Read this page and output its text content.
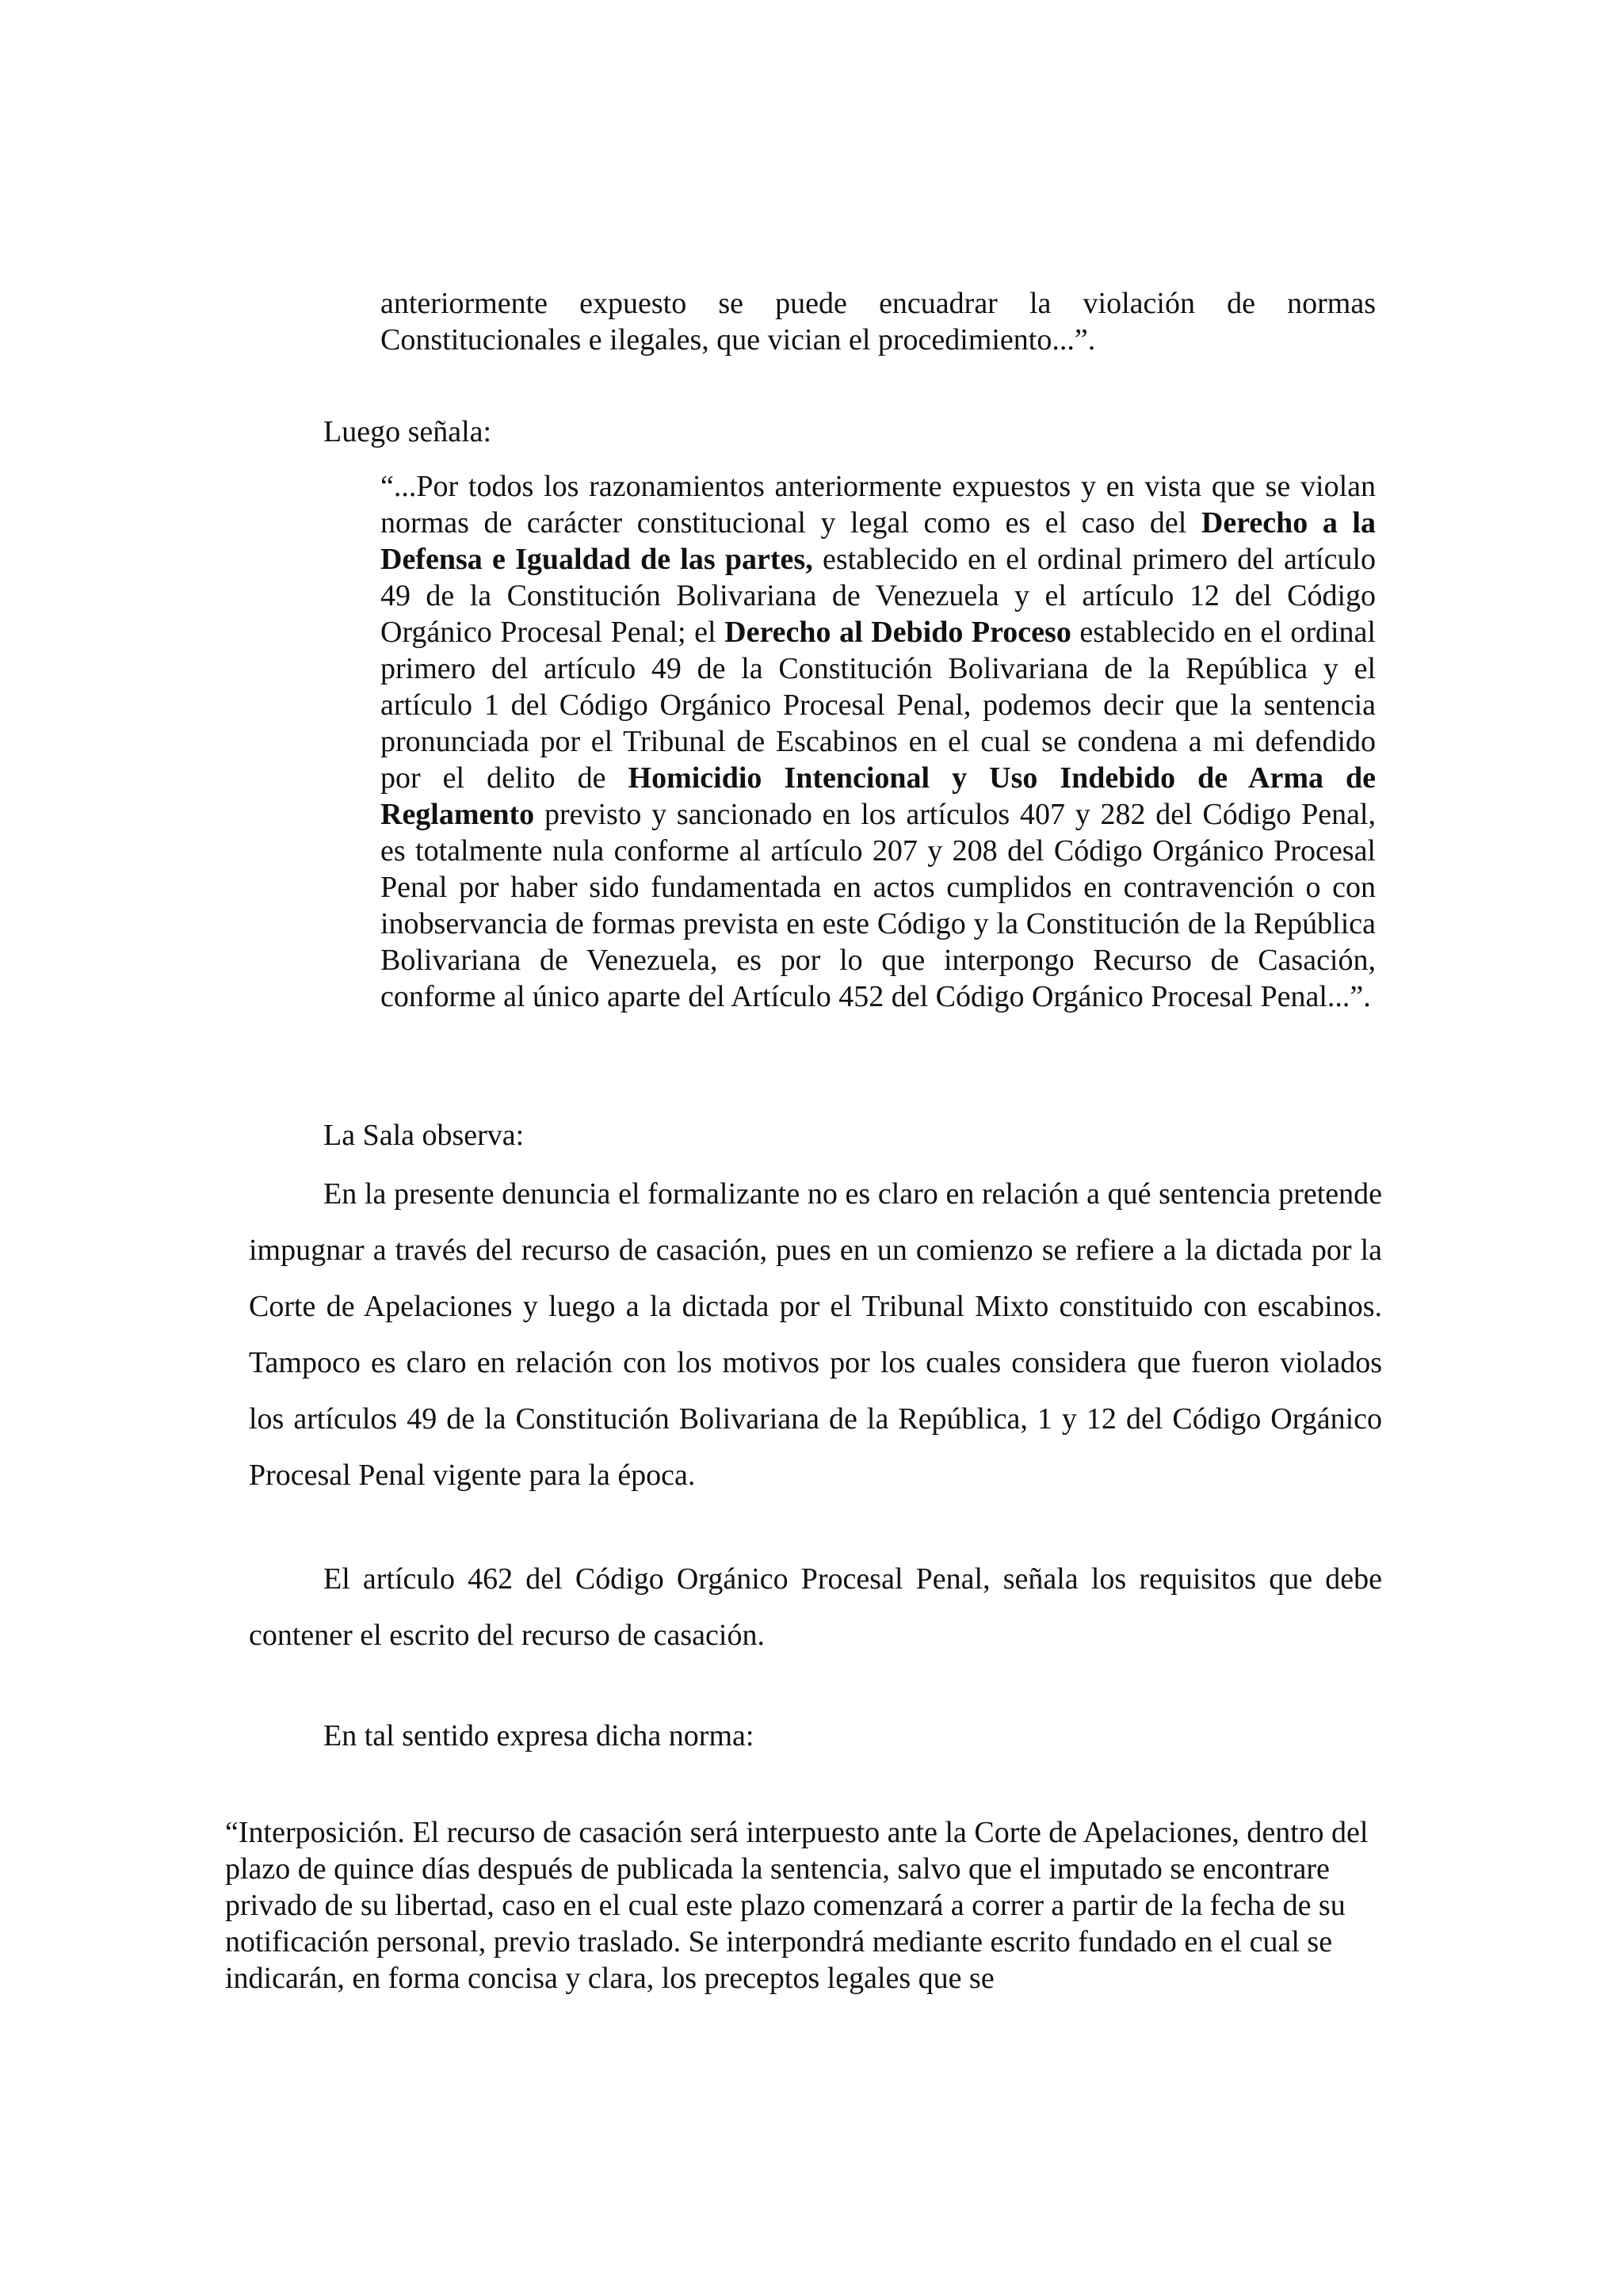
anteriormente expuesto se puede encuadrar la violación de normas Constitucionales e ilegales, que vician el procedimiento...”.

Luego señala:

“...Por todos los razonamientos anteriormente expuestos y en vista que se violan normas de carácter constitucional y legal como es el caso del Derecho a la Defensa e Igualdad de las partes, establecido en el ordinal primero del artículo 49 de la Constitución Bolivariana de Venezuela y el artículo 12 del Código Orgánico Procesal Penal; el Derecho al Debido Proceso establecido en el ordinal primero del artículo 49 de la Constitución Bolivariana de la República y el artículo 1 del Código Orgánico Procesal Penal, podemos decir que la sentencia pronunciada por el Tribunal de Escabinos en el cual se condena a mi defendido por el delito de Homicidio Intencional y Uso Indebido de Arma de Reglamento previsto y sancionado en los artículos 407 y 282 del Código Penal, es totalmente nula conforme al artículo 207 y 208 del Código Orgánico Procesal Penal por haber sido fundamentada en actos cumplidos en contravención o con inobservancia de formas prevista en este Código y la Constitución de la República Bolivariana de Venezuela, es por lo que interpongo Recurso de Casación, conforme al único aparte del Artículo 452 del Código Orgánico Procesal Penal...”.

La Sala observa:

En la presente denuncia el formalizante no es claro en relación a qué sentencia pretende impugnar a través del recurso de casación, pues en un comienzo se refiere a la dictada por la Corte de Apelaciones y luego a la dictada por el Tribunal Mixto constituido con escabinos. Tampoco es claro en relación con los motivos por los cuales considera que fueron violados los artículos 49 de la Constitución Bolivariana de la República, 1 y 12 del Código Orgánico Procesal Penal vigente para la época.

El artículo 462 del Código Orgánico Procesal Penal, señala los requisitos que debe contener el escrito del recurso de casación.

En tal sentido expresa dicha norma:

“Interposición. El recurso de casación será interpuesto ante la Corte de Apelaciones, dentro del plazo de quince días después de publicada la sentencia, salvo que el imputado se encontrare privado de su libertad, caso en el cual este plazo comenzará a correr a partir de la fecha de su notificación personal, previo traslado. Se interpondrá mediante escrito fundado en el cual se indicarán, en forma concisa y clara, los preceptos legales que se
